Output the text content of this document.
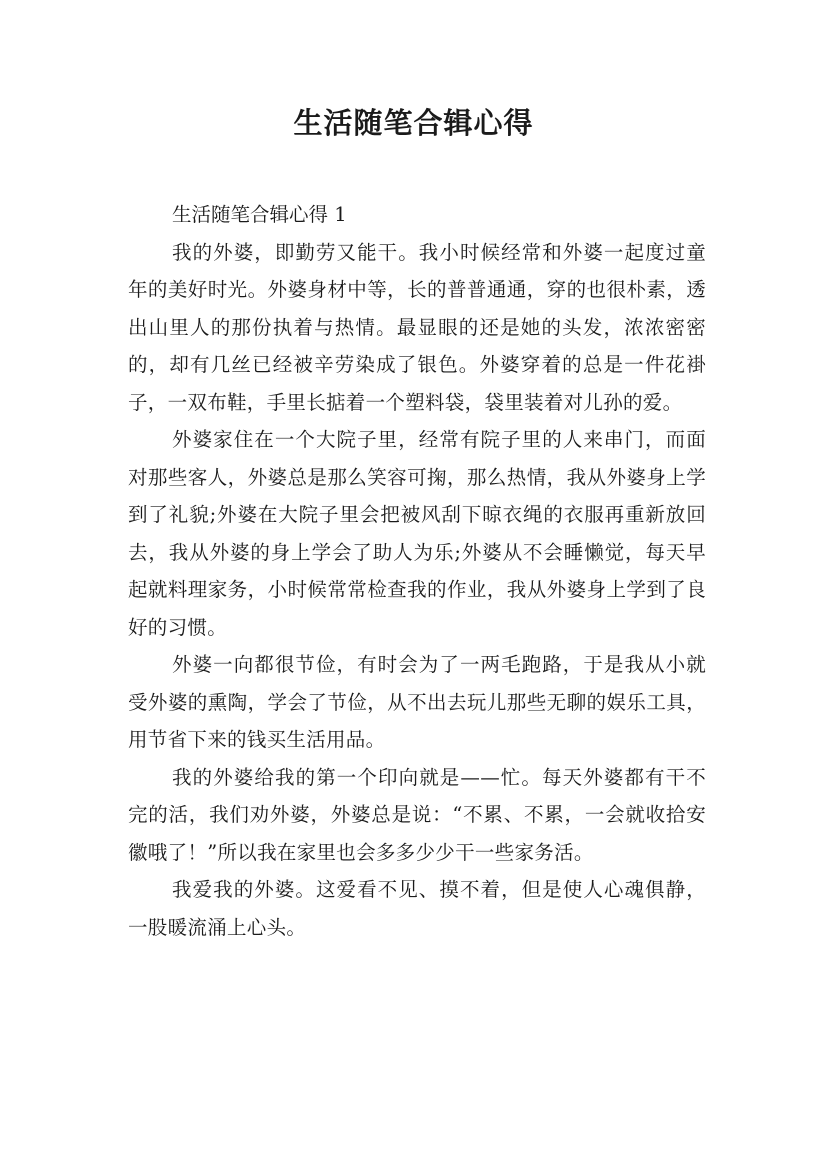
生活随笔合辑心得

生活随笔合辑心得 1

我的外婆，即勤劳又能干。我小时候经常和外婆一起度过童年的美好时光。外婆身材中等，长的普普通通，穿的也很朴素，透出山里人的那份执着与热情。最显眼的还是她的头发，浓浓密密的，却有几丝已经被辛劳染成了银色。外婆穿着的总是一件花褂子，一双布鞋，手里长掂着一个塑料袋，袋里装着对儿孙的爱。

外婆家住在一个大院子里，经常有院子里的人来串门，而面对那些客人，外婆总是那么笑容可掬，那么热情，我从外婆身上学到了礼貌;外婆在大院子里会把被风刮下晾衣绳的衣服再重新放回去，我从外婆的身上学会了助人为乐;外婆从不会睡懒觉，每天早起就料理家务，小时候常常检查我的作业，我从外婆身上学到了良好的习惯。

外婆一向都很节俭，有时会为了一两毛跑路，于是我从小就受外婆的熏陶，学会了节俭，从不出去玩儿那些无聊的娱乐工具，用节省下来的钱买生活用品。

我的外婆给我的第一个印向就是——忙。每天外婆都有干不完的活，我们劝外婆，外婆总是说：“不累、不累，一会就收拾安徽哦了！”所以我在家里也会多多少少干一些家务活。

我爱我的外婆。这爱看不见、摸不着，但是使人心魂俱静，一股暖流涌上心头。
